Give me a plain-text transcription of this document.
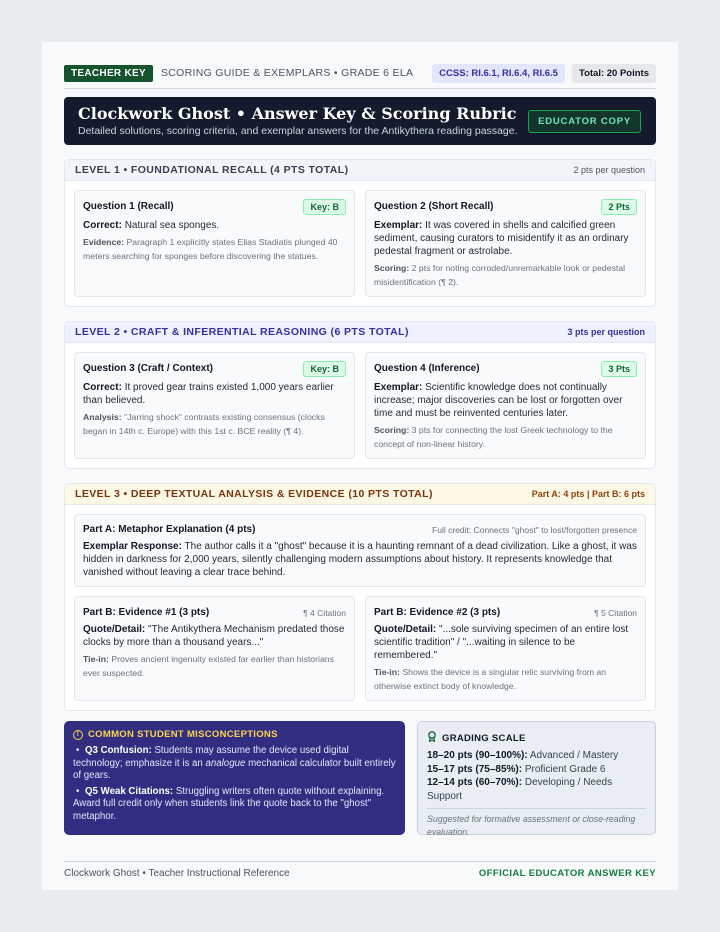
TEACHER KEY	SCORING GUIDE & EXEMPLARS • GRADE 6 ELA	CCSS: RI.6.1, RI.6.4, RI.6.5	Total: 20 Points
Clockwork Ghost • Answer Key & Scoring Rubric
Detailed solutions, scoring criteria, and exemplar answers for the Antikythera reading passage.
EDUCATOR COPY
LEVEL 1 • FOUNDATIONAL RECALL (4 PTS TOTAL)	2 pts per question
Question 1 (Recall)	Key: B
Correct: Natural sea sponges.
Evidence: Paragraph 1 explicitly states Elias Stadiatis plunged 40 meters searching for sponges before discovering the statues.
Question 2 (Short Recall)	2 Pts
Exemplar: It was covered in shells and calcified green sediment, causing curators to misidentify it as an ordinary pedestal fragment or astrolabe.
Scoring: 2 pts for noting corroded/unremarkable look or pedestal misidentification (¶ 2).
LEVEL 2 • CRAFT & INFERENTIAL REASONING (6 PTS TOTAL)	3 pts per question
Question 3 (Craft / Context)	Key: B
Correct: It proved gear trains existed 1,000 years earlier than believed.
Analysis: "Jarring shock" contrasts existing consensus (clocks began in 14th c. Europe) with this 1st c. BCE reality (¶ 4).
Question 4 (Inference)	3 Pts
Exemplar: Scientific knowledge does not continually increase; major discoveries can be lost or forgotten over time and must be reinvented centuries later.
Scoring: 3 pts for connecting the lost Greek technology to the concept of non-linear history.
LEVEL 3 • DEEP TEXTUAL ANALYSIS & EVIDENCE (10 PTS TOTAL)	Part A: 4 pts | Part B: 6 pts
Part A: Metaphor Explanation (4 pts)	Full credit: Connects "ghost" to lost/forgotten presence
Exemplar Response: The author calls it a "ghost" because it is a haunting remnant of a dead civilization. Like a ghost, it was hidden in darkness for 2,000 years, silently challenging modern assumptions about history. It represents knowledge that vanished without leaving a clear trace behind.
Part B: Evidence #1 (3 pts)	¶ 4 Citation
Quote/Detail: "The Antikythera Mechanism predated those clocks by more than a thousand years..."
Tie-in: Proves ancient ingenuity existed far earlier than historians ever suspected.
Part B: Evidence #2 (3 pts)	¶ 5 Citation
Quote/Detail: "...sole surviving specimen of an entire lost scientific tradition" / "...waiting in silence to be remembered."
Tie-in: Shows the device is a singular relic surviving from an otherwise extinct body of knowledge.
! COMMON STUDENT MISCONCEPTIONS
• Q3 Confusion: Students may assume the device used digital technology; emphasize it is an analogue mechanical calculator built entirely of gears.
• Q5 Weak Citations: Struggling writers often quote without explaining. Award full credit only when students link the quote back to the "ghost" metaphor.
GRADING SCALE
18–20 pts (90–100%): Advanced / Mastery
15–17 pts (75–85%): Proficient Grade 6
12–14 pts (60–70%): Developing / Needs Support
Suggested for formative assessment or close-reading evaluation.
Clockwork Ghost • Teacher Instructional Reference	OFFICIAL EDUCATOR ANSWER KEY
